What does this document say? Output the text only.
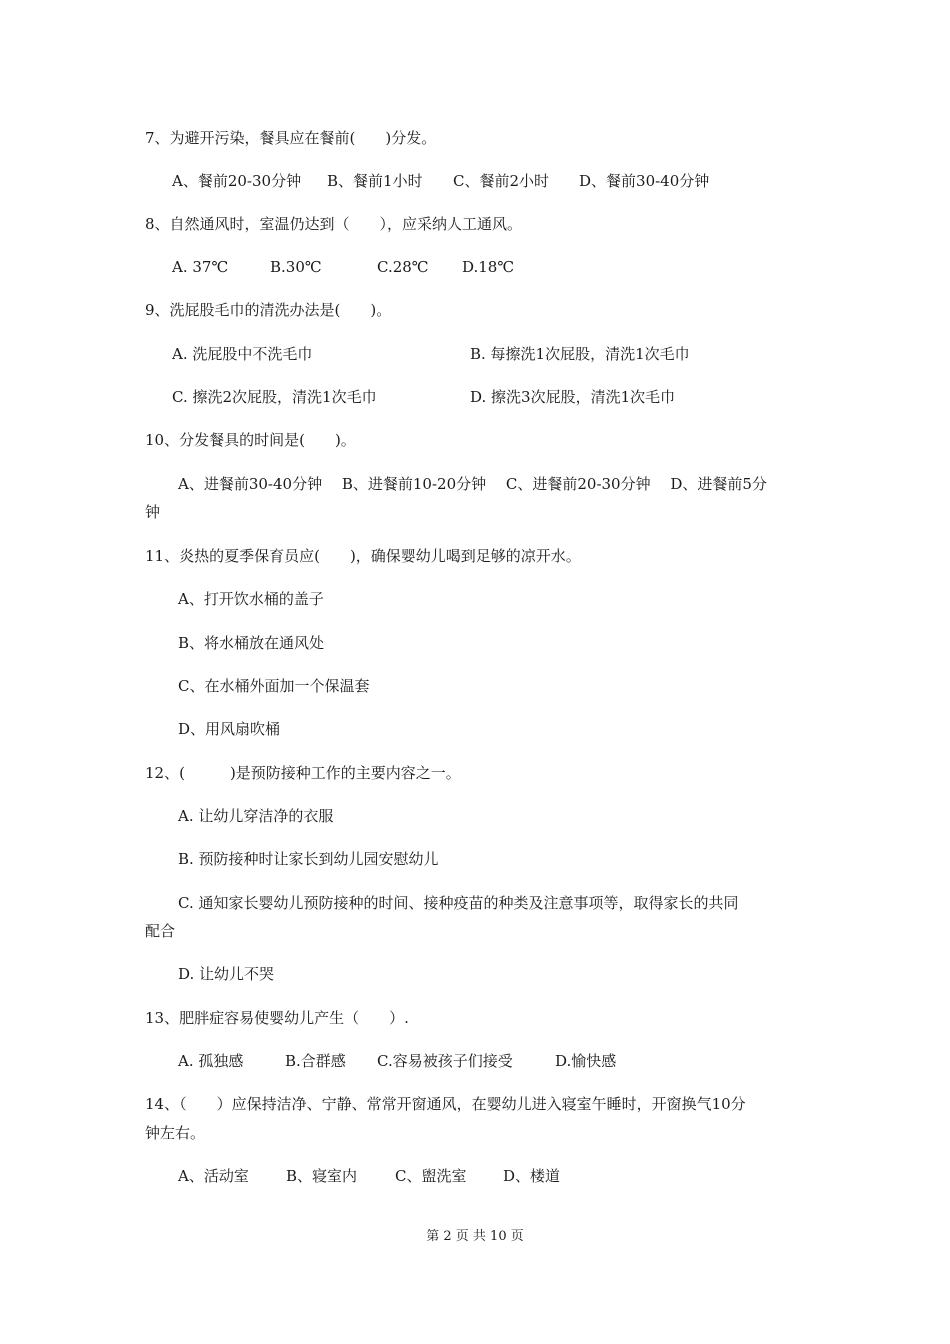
7、为避开污染，餐具应在餐前(　　)分发。
A、餐前20-30分钟 B、餐前1小时 C、餐前2小时 D、餐前30-40分钟
8、自然通风时，室温仍达到（　　），应采纳人工通风。
A. 37℃	B.30℃	C.28℃ D.18℃
9、洗屁股毛巾的清洗办法是(　　)。
A. 洗屁股中不洗毛巾	B. 每擦洗1次屁股，清洗1次毛巾
C. 擦洗2次屁股，清洗1次毛巾	D. 擦洗3次屁股，清洗1次毛巾
10、分发餐具的时间是(　　)。
A、进餐前30-40分钟　 B、进餐前10-20分钟　 C、进餐前20-30分钟　 D、进餐前5分
钟
11、炎热的夏季保育员应(　　)，确保婴幼儿喝到足够的凉开水。
A、打开饮水桶的盖子
B、将水桶放在通风处
C、在水桶外面加一个保温套
D、用风扇吹桶
12、(　　　)是预防接种工作的主要内容之一。
A. 让幼儿穿洁净的衣服
B. 预防接种时让家长到幼儿园安慰幼儿
C. 通知家长婴幼儿预防接种的时间、接种疫苗的种类及注意事项等，取得家长的共同
配合
D. 让幼儿不哭
13、肥胖症容易使婴幼儿产生（　　）.
A. 孤独感	B.合群感 C.容易被孩子们接受	D.愉快感
14、（　　）应保持洁净、宁静、常常开窗通风，在婴幼儿进入寝室午睡时，开窗换气10分
钟左右。
A、活动室 B、寝室内	C、盥洗室 D、楼道
第 2 页 共 10 页
